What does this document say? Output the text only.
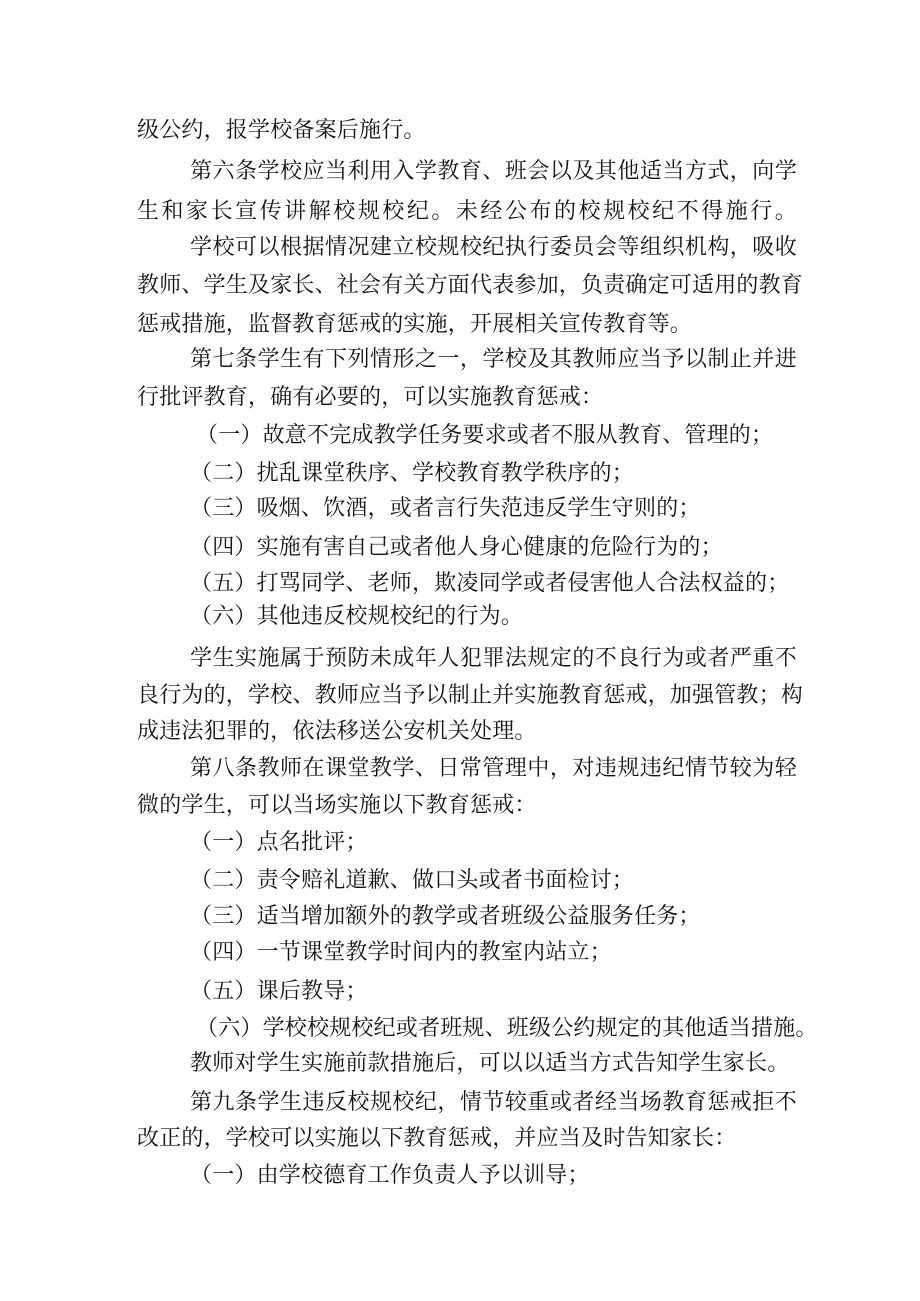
级公约，报学校备案后施行。
第六条学校应当利用入学教育、班会以及其他适当方式，向学
生和家长宣传讲解校规校纪。未经公布的校规校纪不得施行。
学校可以根据情况建立校规校纪执行委员会等组织机构，吸收
教师、学生及家长、社会有关方面代表参加，负责确定可适用的教育
惩戒措施，监督教育惩戒的实施，开展相关宣传教育等。
第七条学生有下列情形之一，学校及其教师应当予以制止并进
行批评教育，确有必要的，可以实施教育惩戒：
（一）故意不完成教学任务要求或者不服从教育、管理的；
（二）扰乱课堂秩序、学校教育教学秩序的；
（三）吸烟、饮酒，或者言行失范违反学生守则的；
（四）实施有害自己或者他人身心健康的危险行为的；
（五）打骂同学、老师，欺凌同学或者侵害他人合法权益的；
（六）其他违反校规校纪的行为。
学生实施属于预防未成年人犯罪法规定的不良行为或者严重不
良行为的，学校、教师应当予以制止并实施教育惩戒，加强管教；构
成违法犯罪的，依法移送公安机关处理。
第八条教师在课堂教学、日常管理中，对违规违纪情节较为轻
微的学生，可以当场实施以下教育惩戒：
（一）点名批评；
（二）责令赔礼道歉、做口头或者书面检讨；
（三）适当增加额外的教学或者班级公益服务任务；
（四）一节课堂教学时间内的教室内站立；
（五）课后教导；
（六）学校校规校纪或者班规、班级公约规定的其他适当措施。
教师对学生实施前款措施后，可以以适当方式告知学生家长。
第九条学生违反校规校纪，情节较重或者经当场教育惩戒拒不
改正的，学校可以实施以下教育惩戒，并应当及时告知家长：
（一）由学校德育工作负责人予以训导；
